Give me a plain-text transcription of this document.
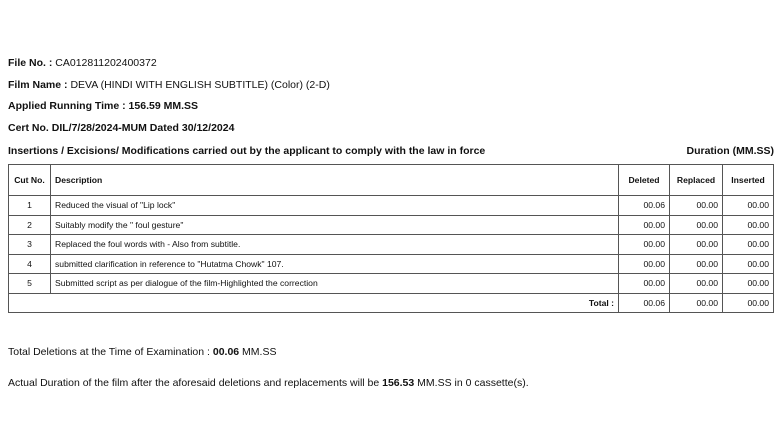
File No. : CA012811202400372
Film Name : DEVA (HINDI WITH ENGLISH SUBTITLE) (Color) (2-D)
Applied Running Time : 156.59 MM.SS
Cert No. DIL/7/28/2024-MUM Dated 30/12/2024
Insertions / Excisions/ Modifications carried out by the applicant to comply with the law in force	Duration (MM.SS)
Cut No.	Description	Deleted	Replaced	Inserted
1	Reduced the visual of "Lip lock"	00.06	00.00	00.00
2	Suitably modify the " foul gesture"	00.00	00.00	00.00
3	Replaced the foul words with - Also from subtitle.	00.00	00.00	00.00
4	submitted clarification in reference to "Hutatma Chowk" 107.	00.00	00.00	00.00
5	Submitted script as per dialogue of the film-Highlighted the correction	00.00	00.00	00.00
Total :		00.06	00.00	00.00
Total Deletions at the Time of Examination : 00.06 MM.SS
Actual Duration of the film after the aforesaid deletions and replacements will be 156.53 MM.SS in 0 cassette(s).
